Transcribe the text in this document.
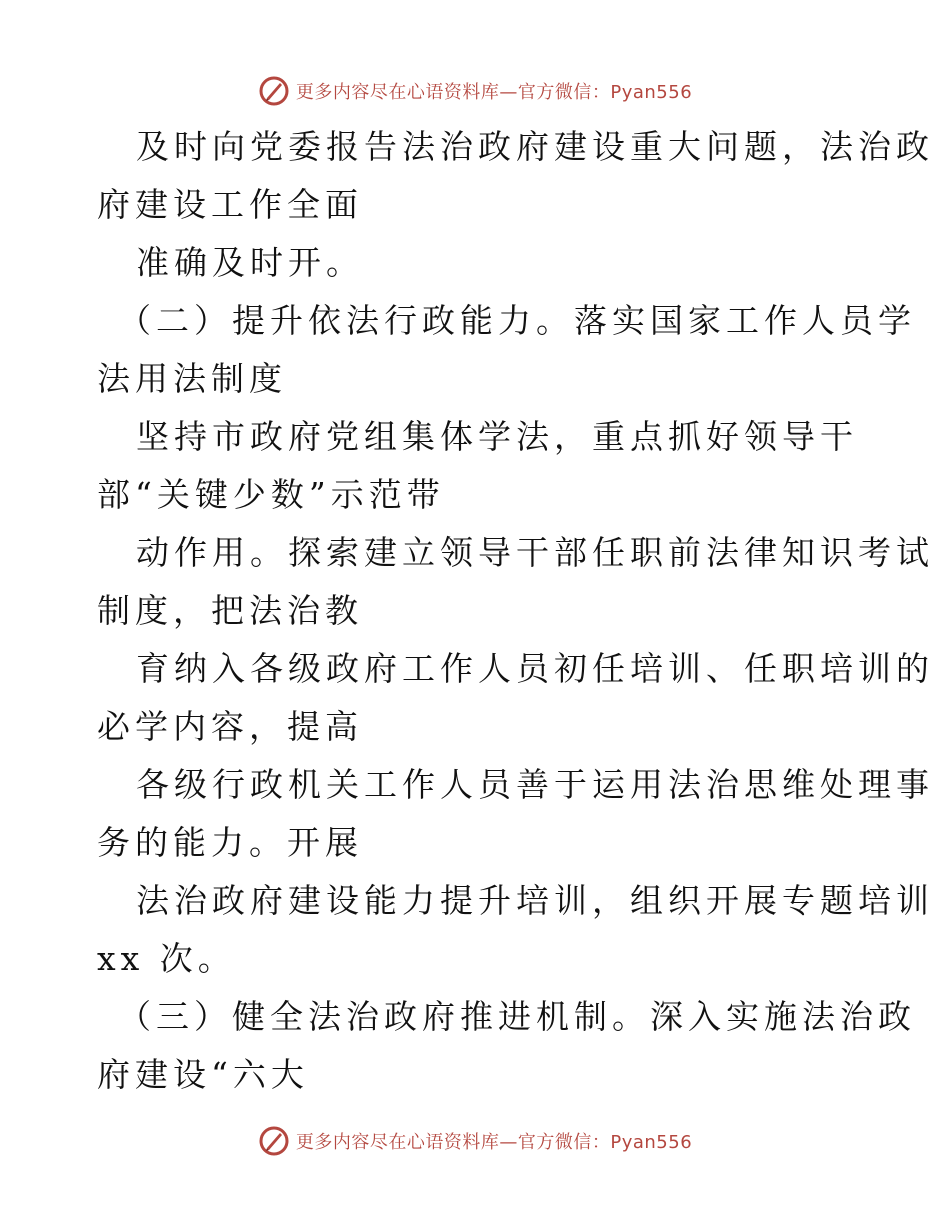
更多内容尽在心语资料库—官方微信：Pyan556
及时向党委报告法治政府建设重大问题，法治政
府建设工作全面
准确及时开。
（二）提升依法行政能力。落实国家工作人员学
法用法制度
坚持市政府党组集体学法，重点抓好领导干
部“关键少数”示范带
动作用。探索建立领导干部任职前法律知识考试
制度，把法治教
育纳入各级政府工作人员初任培训、任职培训的
必学内容，提高
各级行政机关工作人员善于运用法治思维处理事
务的能力。开展
法治政府建设能力提升培训，组织开展专题培训
xx 次。
（三）健全法治政府推进机制。深入实施法治政
府建设“六大
更多内容尽在心语资料库—官方微信：Pyan556
